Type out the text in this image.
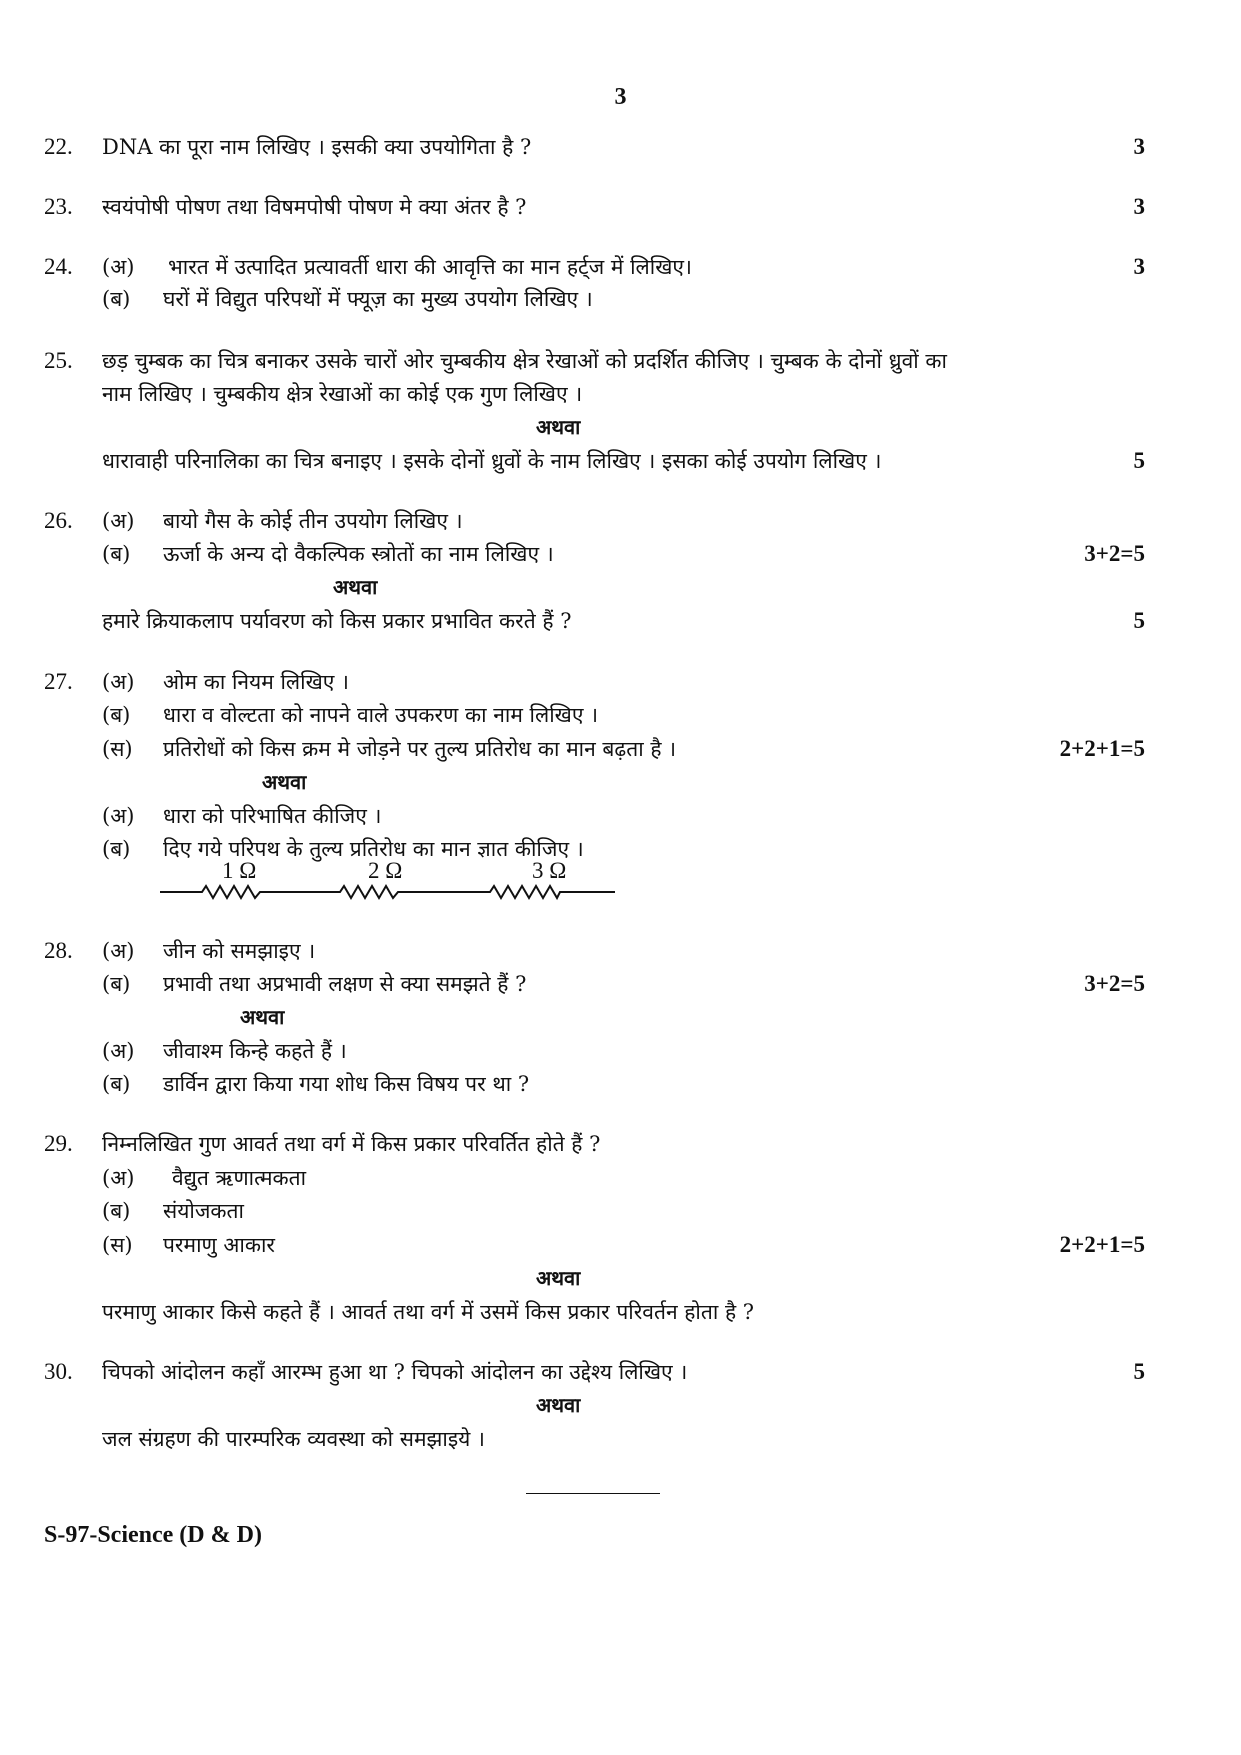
3
22. DNA का पूरा नाम लिखिए । इसकी क्या उपयोगिता है ?	3
23. स्वयंपोषी पोषण तथा विषमपोषी पोषण मे क्या अंतर है ?	3
24. (अ) भारत में उत्पादित प्रत्यावर्ती धारा की आवृत्ति का मान हर्ट्ज में लिखिए।	3
(ब) घरों में विद्युत परिपथों में फ्यूज़ का मुख्य उपयोग लिखिए ।
25. छड़ चुम्बक का चित्र बनाकर उसके चारों ओर चुम्बकीय क्षेत्र रेखाओं को प्रदर्शित कीजिए । चुम्बक के दोनों ध्रुवों का
नाम लिखिए । चुम्बकीय क्षेत्र रेखाओं का कोई एक गुण लिखिए ।
अथवा
धारावाही परिनालिका का चित्र बनाइए । इसके दोनों ध्रुवों के नाम लिखिए । इसका कोई उपयोग लिखिए ।	5
26. (अ) बायो गैस के कोई तीन उपयोग लिखिए ।
(ब) ऊर्जा के अन्य दो वैकल्पिक स्त्रोतों का नाम लिखिए ।	3+2=5
अथवा
हमारे क्रियाकलाप पर्यावरण को किस प्रकार प्रभावित करते हैं ?	5
27. (अ) ओम का नियम लिखिए ।
(ब) धारा व वोल्टता को नापने वाले उपकरण का नाम लिखिए ।
(स) प्रतिरोधों को किस क्रम मे जोड़ने पर तुल्य प्रतिरोध का मान बढ़ता है ।	2+2+1=5
अथवा
(अ) धारा को परिभाषित कीजिए ।
(ब) दिए गये परिपथ के तुल्य प्रतिरोध का मान ज्ञात कीजिए ।
1 Ω	2 Ω	3 Ω
28. (अ) जीन को समझाइए ।
(ब) प्रभावी तथा अप्रभावी लक्षण से क्या समझते हैं ?	3+2=5
अथवा
(अ) जीवाश्म किन्हे कहते हैं ।
(ब) डार्विन द्वारा किया गया शोध किस विषय पर था ?
29. निम्नलिखित गुण आवर्त तथा वर्ग में किस प्रकार परिवर्तित होते हैं ?
(अ) वैद्युत ऋणात्मकता
(ब) संयोजकता
(स) परमाणु आकार	2+2+1=5
अथवा
परमाणु आकार किसे कहते हैं । आवर्त तथा वर्ग में उसमें किस प्रकार परिवर्तन होता है ?
30. चिपको आंदोलन कहाँ आरम्भ हुआ था ? चिपको आंदोलन का उद्देश्य लिखिए ।	5
अथवा
जल संग्रहण की पारम्परिक व्यवस्था को समझाइये ।
S-97-Science (D & D)
